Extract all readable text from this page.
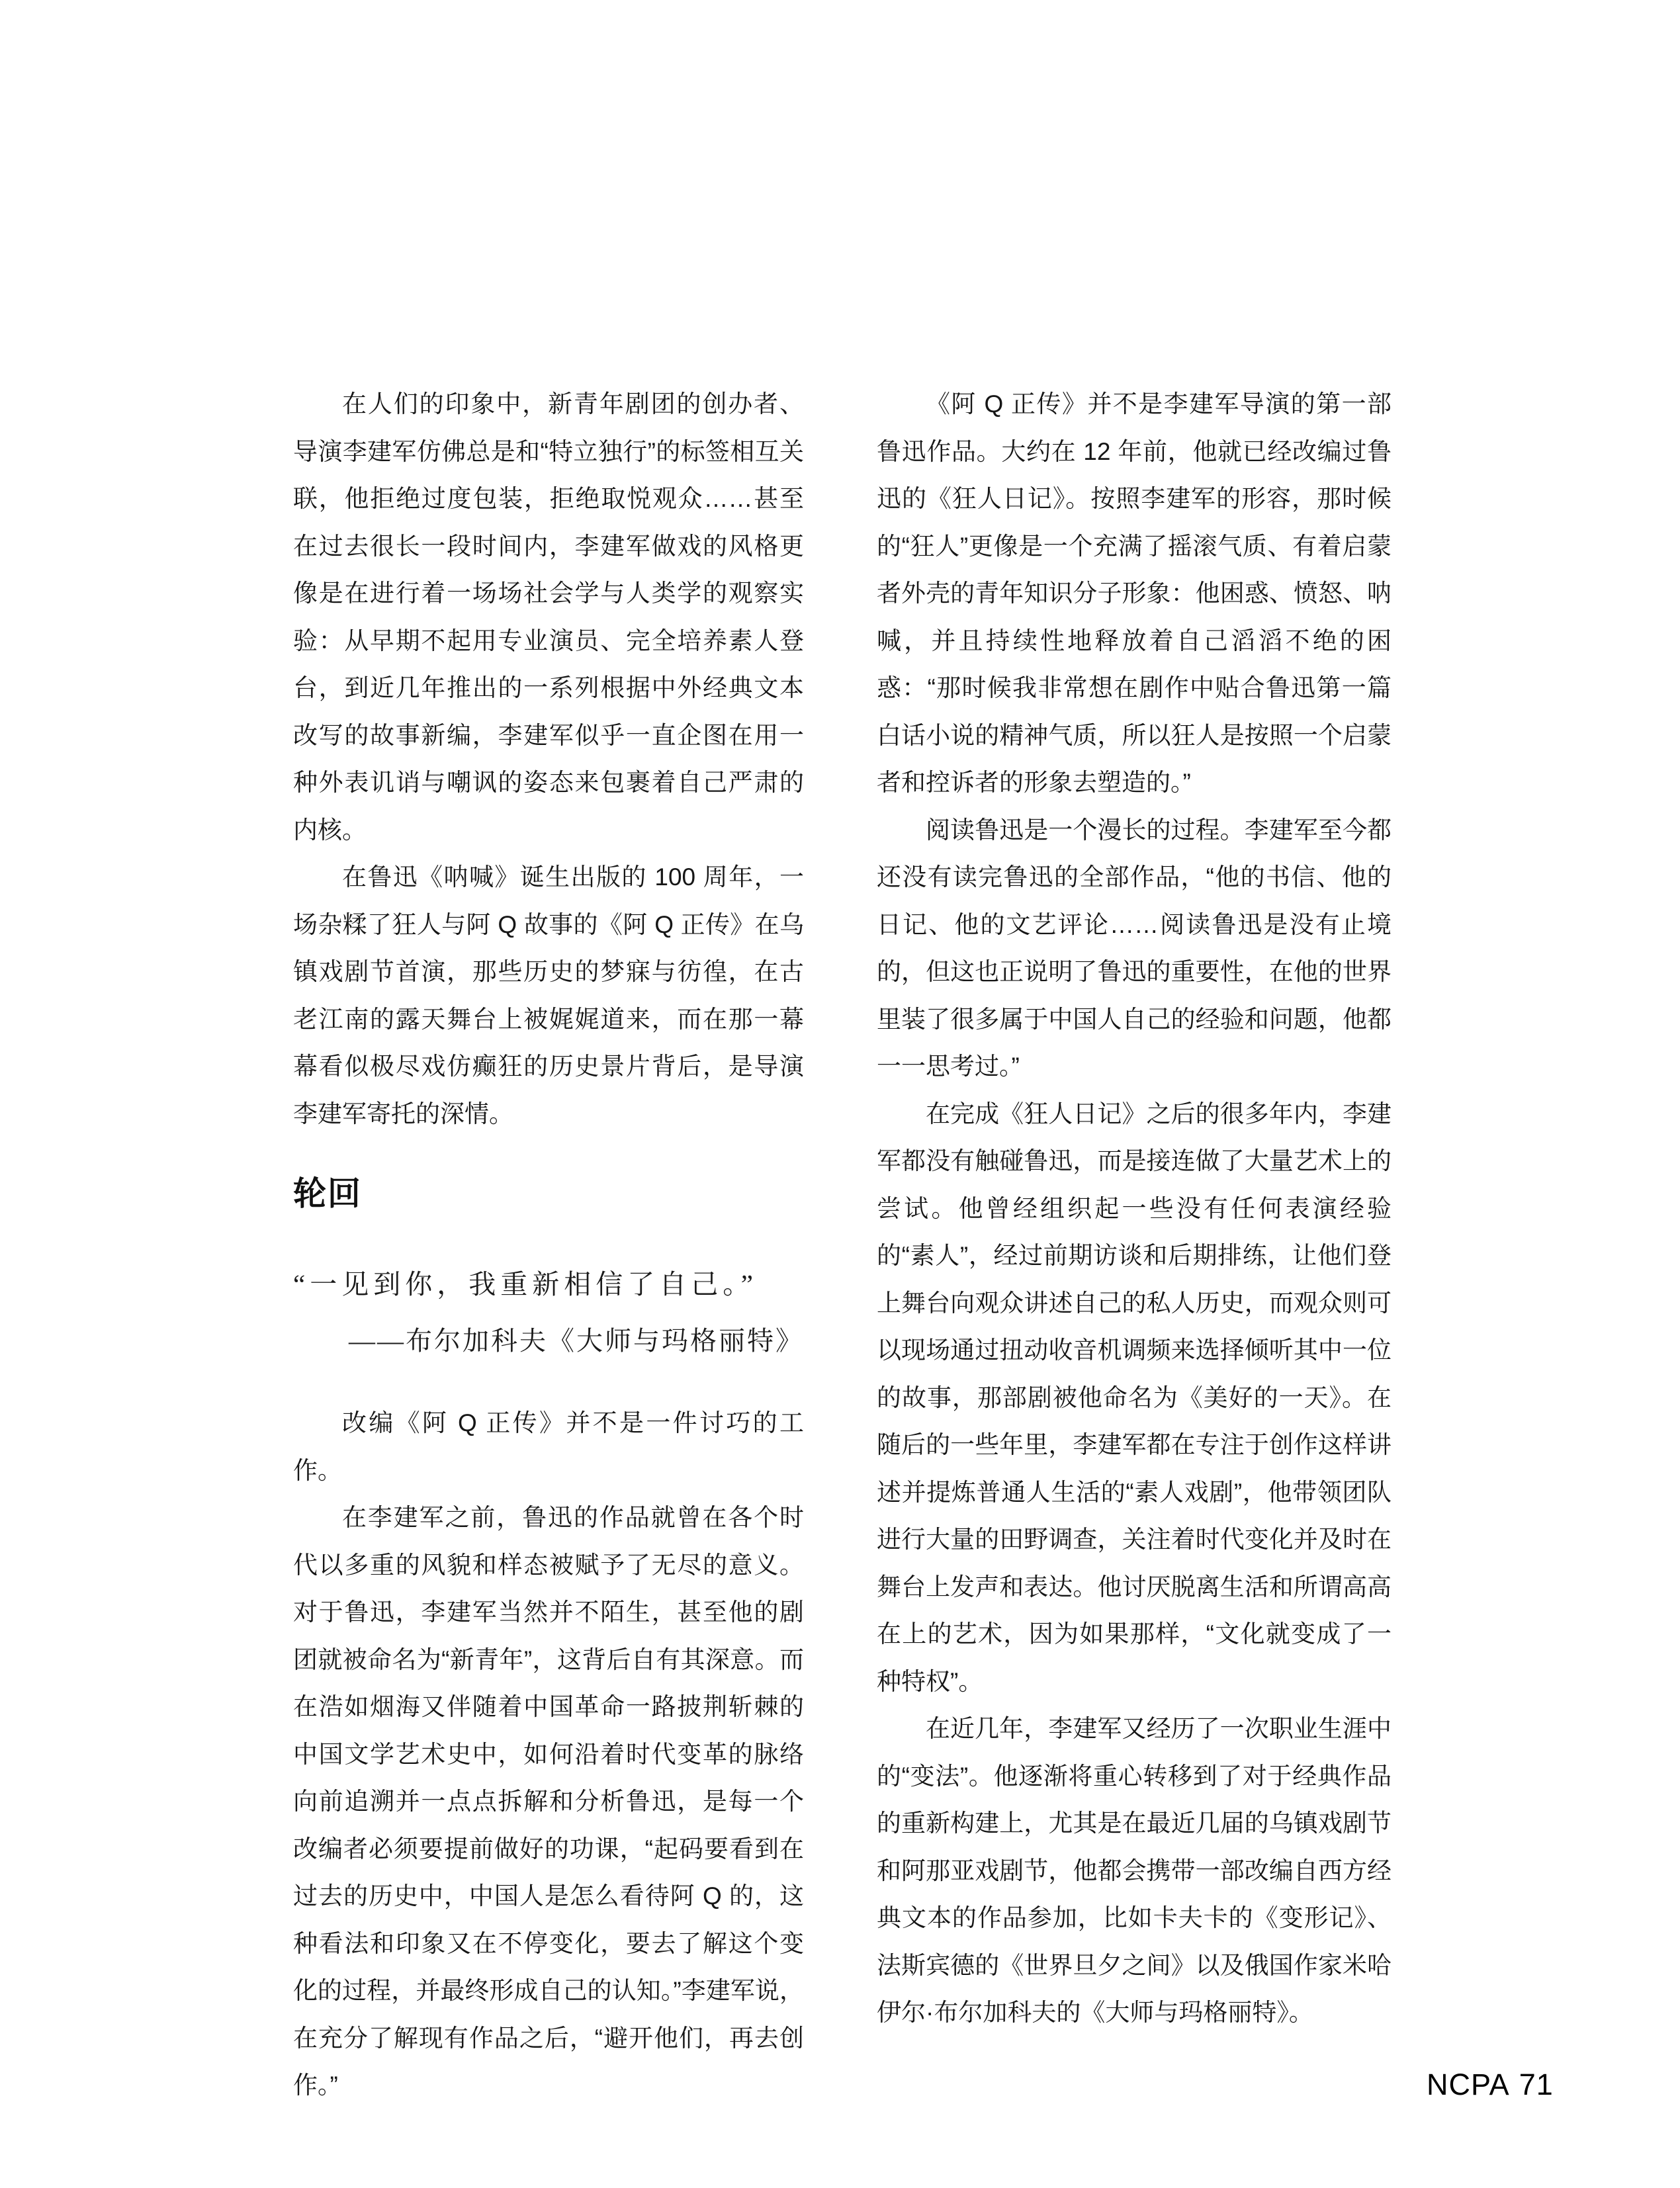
在人们的印象中，新青年剧团的创办者、导演李建军仿佛总是和“特立独行”的标签相互关联，他拒绝过度包装，拒绝取悦观众……甚至在过去很长一段时间内，李建军做戏的风格更像是在进行着一场场社会学与人类学的观察实验：从早期不起用专业演员、完全培养素人登台，到近几年推出的一系列根据中外经典文本改写的故事新编，李建军似乎一直企图在用一种外表讥诮与嘲讽的姿态来包裹着自己严肃的内核。

在鲁迅《呐喊》诞生出版的 100 周年，一场杂糅了狂人与阿 Q 故事的《阿 Q 正传》在乌镇戏剧节首演，那些历史的梦寐与彷徨，在古老江南的露天舞台上被娓娓道来，而在那一幕幕看似极尽戏仿癫狂的历史景片背后，是导演李建军寄托的深情。

轮回

“一见到你，我重新相信了自己。”

——布尔加科夫《大师与玛格丽特》

改编《阿 Q 正传》并不是一件讨巧的工作。

在李建军之前，鲁迅的作品就曾在各个时代以多重的风貌和样态被赋予了无尽的意义。对于鲁迅，李建军当然并不陌生，甚至他的剧团就被命名为“新青年”，这背后自有其深意。而在浩如烟海又伴随着中国革命一路披荆斩棘的中国文学艺术史中，如何沿着时代变革的脉络向前追溯并一点点拆解和分析鲁迅，是每一个改编者必须要提前做好的功课，“起码要看到在过去的历史中，中国人是怎么看待阿 Q 的，这种看法和印象又在不停变化，要去了解这个变化的过程，并最终形成自己的认知。”李建军说，在充分了解现有作品之后，“避开他们，再去创作。”

《阿 Q 正传》并不是李建军导演的第一部鲁迅作品。大约在 12 年前，他就已经改编过鲁迅的《狂人日记》。按照李建军的形容，那时候的“狂人”更像是一个充满了摇滚气质、有着启蒙者外壳的青年知识分子形象：他困惑、愤怒、呐喊，并且持续性地释放着自己滔滔不绝的困惑：“那时候我非常想在剧作中贴合鲁迅第一篇白话小说的精神气质，所以狂人是按照一个启蒙者和控诉者的形象去塑造的。”

阅读鲁迅是一个漫长的过程。李建军至今都还没有读完鲁迅的全部作品，“他的书信、他的日记、他的文艺评论……阅读鲁迅是没有止境的，但这也正说明了鲁迅的重要性，在他的世界里装了很多属于中国人自己的经验和问题，他都一一思考过。”

在完成《狂人日记》之后的很多年内，李建军都没有触碰鲁迅，而是接连做了大量艺术上的尝试。他曾经组织起一些没有任何表演经验的“素人”，经过前期访谈和后期排练，让他们登上舞台向观众讲述自己的私人历史，而观众则可以现场通过扭动收音机调频来选择倾听其中一位的故事，那部剧被他命名为《美好的一天》。在随后的一些年里，李建军都在专注于创作这样讲述并提炼普通人生活的“素人戏剧”，他带领团队进行大量的田野调查，关注着时代变化并及时在舞台上发声和表达。他讨厌脱离生活和所谓高高在上的艺术，因为如果那样，“文化就变成了一种特权”。

在近几年，李建军又经历了一次职业生涯中的“变法”。他逐渐将重心转移到了对于经典作品的重新构建上，尤其是在最近几届的乌镇戏剧节和阿那亚戏剧节，他都会携带一部改编自西方经典文本的作品参加，比如卡夫卡的《变形记》、法斯宾德的《世界旦夕之间》以及俄国作家米哈伊尔·布尔加科夫的《大师与玛格丽特》。

NCPA 71
